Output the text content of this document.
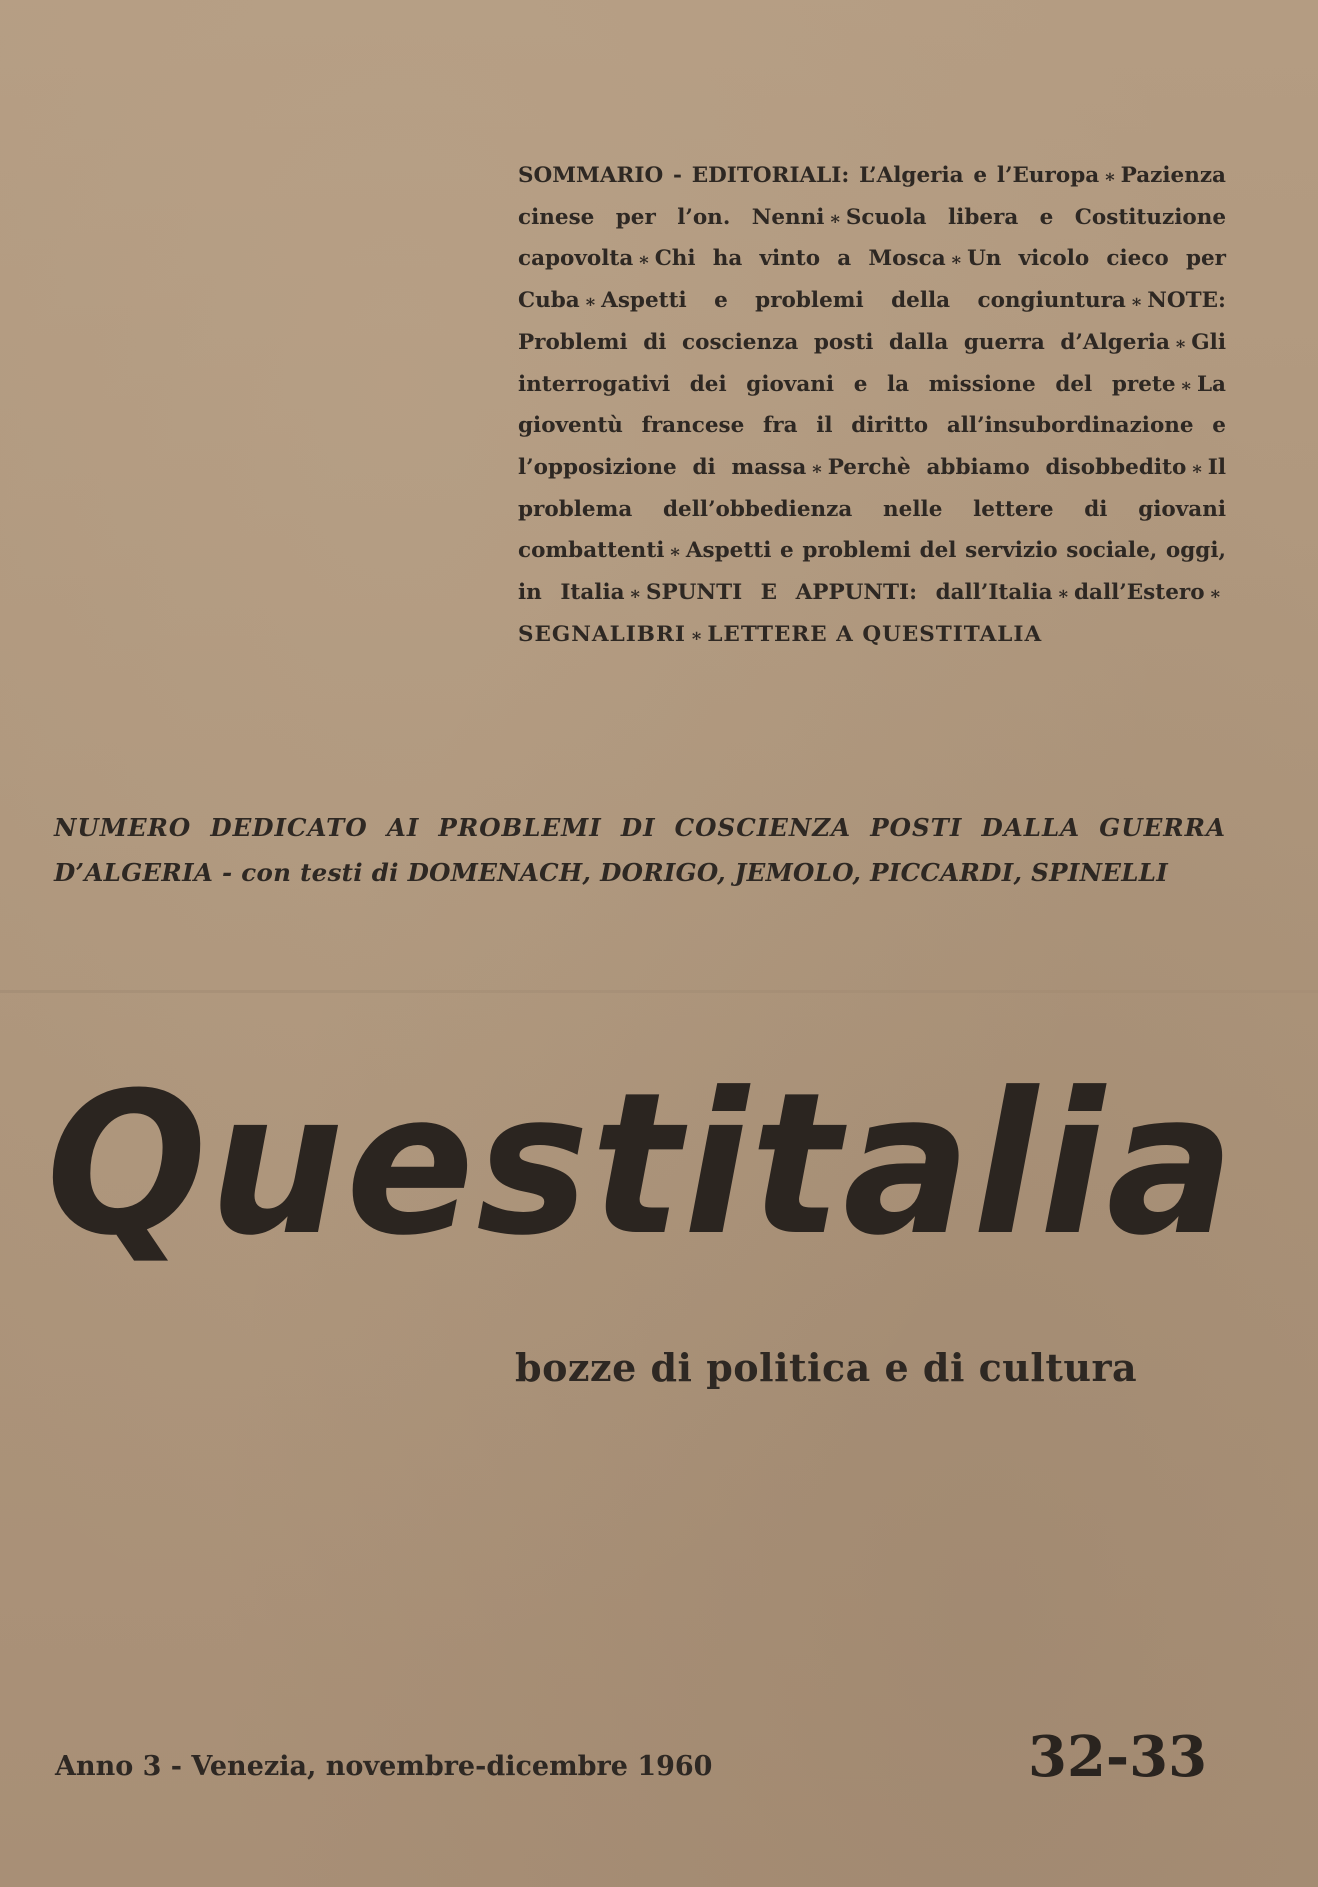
SOMMARIO - EDITORIALI: L’Algeria e l’Europa ⁎ Pazienza cinese per l’on. Nenni ⁎ Scuola libera e Costituzione capovolta ⁎ Chi ha vinto a Mosca ⁎ Un vicolo cieco per Cuba ⁎ Aspetti e problemi della congiuntura ⁎ NOTE: Problemi di coscienza posti dalla guerra d’Algeria ⁎ Gli interrogativi dei giovani e la missione del prete ⁎ La gioventù francese fra il diritto all’insubordinazione e l’opposizione di massa ⁎ Perchè abbiamo disobbedito ⁎ Il problema dell’obbedienza nelle lettere di giovani combattenti ⁎ Aspetti e problemi del servizio sociale, oggi, in Italia ⁎ SPUNTI E APPUNTI: dall’Italia ⁎ dall’Estero ⁎SEGNALIBRI ⁎ LETTERE A QUESTITALIA

NUMERO DEDICATO AI PROBLEMI DI COSCIENZA POSTI DALLA GUERRA
D’ALGERIA - con testi di DOMENACH, DORIGO, JEMOLO, PICCARDI, SPINELLI

Questitalia
bozze di politica e di cultura
Anno 3 - Venezia, novembre-dicembre 1960	32-33
